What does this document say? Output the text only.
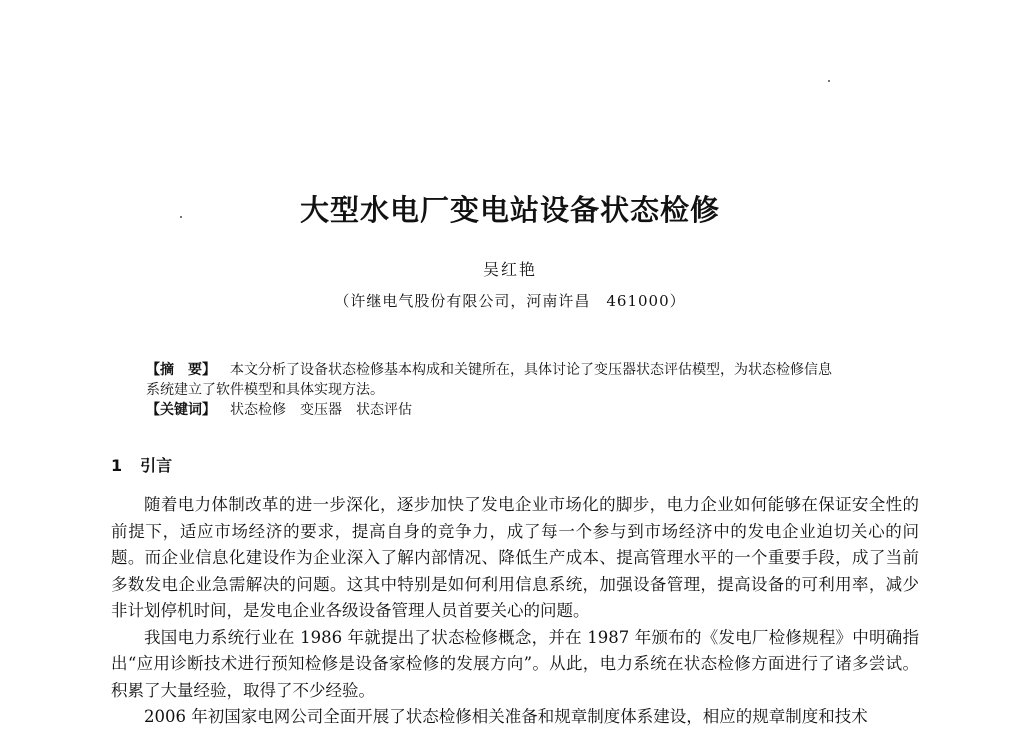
大型水电厂变电站设备状态检修
吴红艳
（许继电气股份有限公司，河南许昌　461000）
【摘　要】 本文分析了设备状态检修基本构成和关键所在，具体讨论了变压器状态评估模型，为状态检修信息
系统建立了软件模型和具体实现方法。
【关键词】 状态检修　变压器　状态评估
1 引言

随着电力体制改革的进一步深化，逐步加快了发电企业市场化的脚步，电力企业如何能够在保证安全性的前提下，适应市场经济的要求，提高自身的竞争力，成了每一个参与到市场经济中的发电企业迫切关心的问题。而企业信息化建设作为企业深入了解内部情况、降低生产成本、提高管理水平的一个重要手段，成了当前多数发电企业急需解决的问题。这其中特别是如何利用信息系统，加强设备管理，提高设备的可利用率，减少非计划停机时间，是发电企业各级设备管理人员首要关心的问题。

我国电力系统行业在 1986 年就提出了状态检修概念，并在 1987 年颁布的《发电厂检修规程》中明确指出“应用诊断技术进行预知检修是设备家检修的发展方向”。从此，电力系统在状态检修方面进行了诸多尝试。积累了大量经验，取得了不少经验。

2006 年初国家电网公司全面开展了状态检修相关准备和规章制度体系建设，相应的规章制度和技术
